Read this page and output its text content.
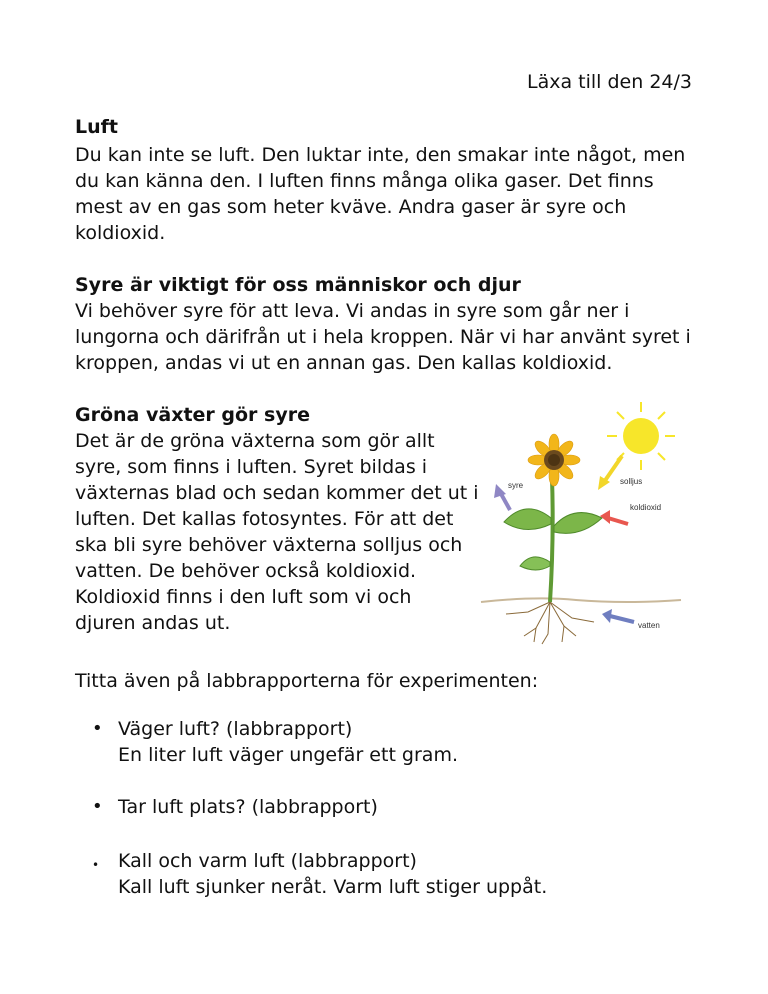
Läxa till den 24/3
Luft
Du kan inte se luft. Den luktar inte, den smakar inte något, men
du kan känna den. I luften finns många olika gaser. Det finns
mest av en gas som heter kväve. Andra gaser är syre och
koldioxid.
Syre är viktigt för oss människor och djur
Vi behöver syre för att leva. Vi andas in syre som går ner i
lungorna och därifrån ut i hela kroppen. När vi har använt syret i
kroppen, andas vi ut en annan gas. Den kallas koldioxid.
Gröna växter gör syre
Det är de gröna växterna som gör allt
syre, som finns i luften. Syret bildas i
växternas blad och sedan kommer det ut i
luften. Det kallas fotosyntes. För att det
ska bli syre behöver växterna solljus och
vatten. De behöver också koldioxid.
Koldioxid finns i den luft som vi och
djuren andas ut.
syre	solljus
koldioxid
vatten
Titta även på labbrapporterna för experimenten:
• Väger luft? (labbrapport)
En liter luft väger ungefär ett gram.
• Tar luft plats? (labbrapport)
• Kall och varm luft (labbrapport)
Kall luft sjunker neråt. Varm luft stiger uppåt.
